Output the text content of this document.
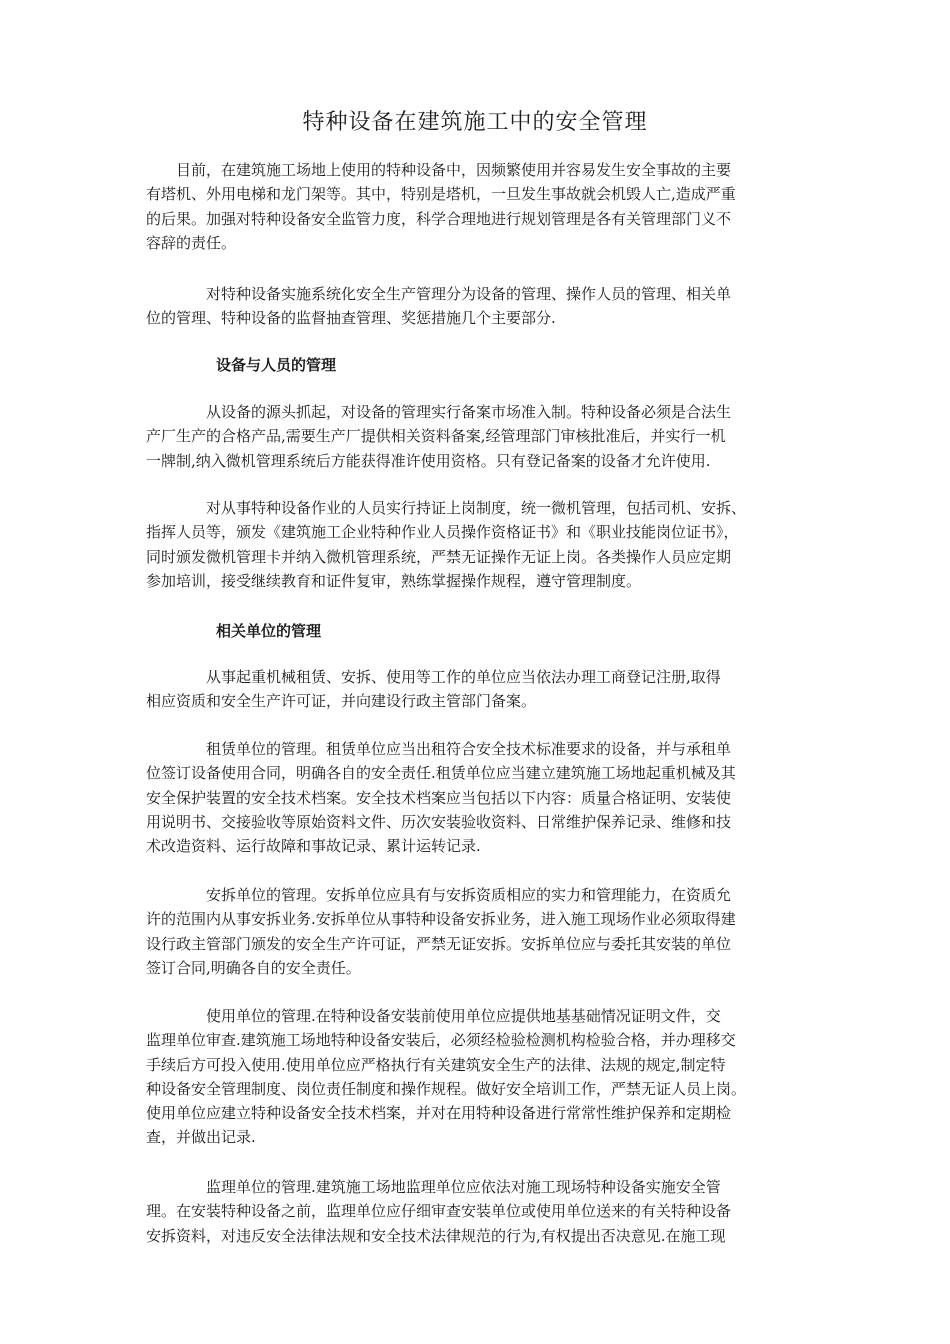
特种设备在建筑施工中的安全管理

　　目前，在建筑施工场地上使用的特种设备中，因频繁使用并容易发生安全事故的主要
有塔机、外用电梯和龙门架等。其中，特别是塔机，一旦发生事故就会机毁人亡,造成严重
的后果。加强对特种设备安全监管力度，科学合理地进行规划管理是各有关管理部门义不
容辞的责任。

　　　　对特种设备实施系统化安全生产管理分为设备的管理、操作人员的管理、相关单
位的管理、特种设备的监督抽查管理、奖惩措施几个主要部分.

设备与人员的管理

　　　　从设备的源头抓起，对设备的管理实行备案市场准入制。特种设备必须是合法生
产厂生产的合格产品,需要生产厂提供相关资料备案,经管理部门审核批准后，并实行一机
一牌制,纳入微机管理系统后方能获得准许使用资格。只有登记备案的设备才允许使用.

　　　　对从事特种设备作业的人员实行持证上岗制度，统一微机管理，包括司机、安拆、
指挥人员等，颁发《建筑施工企业特种作业人员操作资格证书》和《职业技能岗位证书》，
同时颁发微机管理卡并纳入微机管理系统，严禁无证操作无证上岗。各类操作人员应定期
参加培训，接受继续教育和证件复审，熟练掌握操作规程，遵守管理制度。

相关单位的管理

　　　　从事起重机械租赁、安拆、使用等工作的单位应当依法办理工商登记注册,取得
相应资质和安全生产许可证，并向建设行政主管部门备案。

　　　　租赁单位的管理。租赁单位应当出租符合安全技术标准要求的设备，并与承租单
位签订设备使用合同，明确各自的安全责任.租赁单位应当建立建筑施工场地起重机械及其
安全保护装置的安全技术档案。安全技术档案应当包括以下内容：质量合格证明、安装使
用说明书、交接验收等原始资料文件、历次安装验收资料、日常维护保养记录、维修和技
术改造资料、运行故障和事故记录、累计运转记录.

　　　　安拆单位的管理。安拆单位应具有与安拆资质相应的实力和管理能力，在资质允
许的范围内从事安拆业务.安拆单位从事特种设备安拆业务，进入施工现场作业必须取得建
设行政主管部门颁发的安全生产许可证，严禁无证安拆。安拆单位应与委托其安装的单位
签订合同,明确各自的安全责任。

　　　　使用单位的管理.在特种设备安装前使用单位应提供地基基础情况证明文件，交
监理单位审查.建筑施工场地特种设备安装后，必须经检验检测机构检验合格，并办理移交
手续后方可投入使用.使用单位应严格执行有关建筑安全生产的法律、法规的规定,制定特
种设备安全管理制度、岗位责任制度和操作规程。做好安全培训工作，严禁无证人员上岗。
使用单位应建立特种设备安全技术档案，并对在用特种设备进行常常性维护保养和定期检
查，并做出记录.

　　　　监理单位的管理.建筑施工场地监理单位应依法对施工现场特种设备实施安全管
理。在安装特种设备之前，监理单位应仔细审查安装单位或使用单位送来的有关特种设备
安拆资料，对违反安全法律法规和安全技术法律规范的行为,有权提出否决意见.在施工现
